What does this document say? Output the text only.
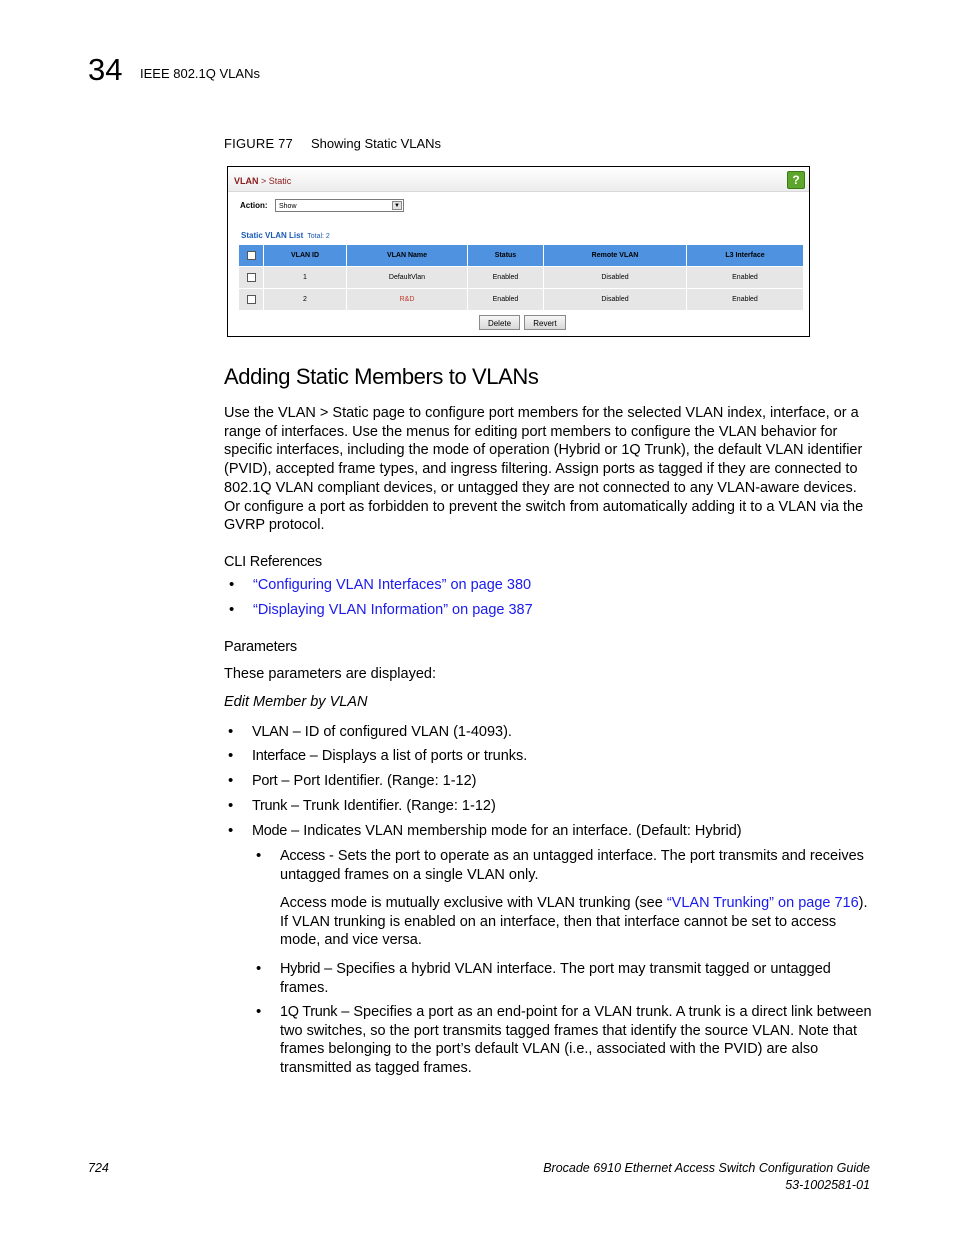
34 IEEE 802.1Q VLANs
FIGURE 77 Showing Static VLANs
VLAN > Static	?
Action:	Show	▼
Static VLAN List Total: 2
	VLAN ID	VLAN Name	Status	Remote VLAN	L3 Interface
	1	DefaultVlan	Enabled	Disabled	Enabled
	2	R&D	Enabled	Disabled	Enabled
Delete	Revert
Adding Static Members to VLANs
Use the VLAN > Static page to configure port members for the selected VLAN index, interface, or a range of interfaces. Use the menus for editing port members to configure the VLAN behavior for specific interfaces, including the mode of operation (Hybrid or 1Q Trunk), the default VLAN identifier (PVID), accepted frame types, and ingress filtering. Assign ports as tagged if they are connected to 802.1Q VLAN compliant devices, or untagged they are not connected to any VLAN-aware devices. Or configure a port as forbidden to prevent the switch from automatically adding it to a VLAN via the GVRP protocol.
CLI References
• “Configuring VLAN Interfaces” on page 380
• “Displaying VLAN Information” on page 387
Parameters
These parameters are displayed:
Edit Member by VLAN
• VLAN – ID of configured VLAN (1-4093).
• Interface – Displays a list of ports or trunks.
• Port – Port Identifier. (Range: 1-12)
• Trunk – Trunk Identifier. (Range: 1-12)
• Mode – Indicates VLAN membership mode for an interface. (Default: Hybrid)
• Access - Sets the port to operate as an untagged interface. The port transmits and receives untagged frames on a single VLAN only.
Access mode is mutually exclusive with VLAN trunking (see “VLAN Trunking” on page 716). If VLAN trunking is enabled on an interface, then that interface cannot be set to access mode, and vice versa.
• Hybrid – Specifies a hybrid VLAN interface. The port may transmit tagged or untagged frames.
• 1Q Trunk – Specifies a port as an end-point for a VLAN trunk. A trunk is a direct link between two switches, so the port transmits tagged frames that identify the source VLAN. Note that frames belonging to the port’s default VLAN (i.e., associated with the PVID) are also transmitted as tagged frames.
724	Brocade 6910 Ethernet Access Switch Configuration Guide
53-1002581-01
